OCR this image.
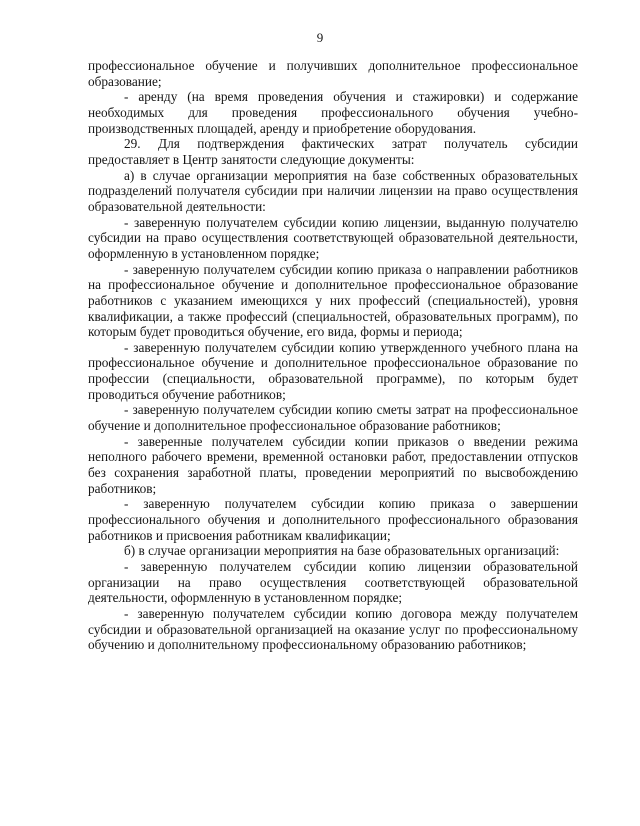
9

профессиональное обучение и получивших дополнительное профессиональное образование;

- аренду (на время проведения обучения и стажировки) и содержание необходимых для проведения профессионального обучения учебно-производственных площадей, аренду и приобретение оборудования.

29. Для подтверждения фактических затрат получатель субсидии предоставляет в Центр занятости следующие документы:

а) в случае организации мероприятия на базе собственных образовательных подразделений получателя субсидии при наличии лицензии на право осуществления образовательной деятельности:

- заверенную получателем субсидии копию лицензии, выданную получателю субсидии на право осуществления соответствующей образовательной деятельности, оформленную в установленном порядке;

- заверенную получателем субсидии копию приказа о направлении работников на профессиональное обучение и дополнительное профессиональное образование работников с указанием имеющихся у них профессий (специальностей), уровня квалификации, а также профессий (специальностей, образовательных программ), по которым будет проводиться обучение, его вида, формы и периода;

- заверенную получателем субсидии копию утвержденного учебного плана на профессиональное обучение и дополнительное профессиональное образование по профессии (специальности, образовательной программе), по которым будет проводиться обучение работников;

- заверенную получателем субсидии копию сметы затрат на профессиональное обучение и дополнительное профессиональное образование работников;

- заверенные получателем субсидии копии приказов о введении режима неполного рабочего времени, временной остановки работ, предоставлении отпусков без сохранения заработной платы, проведении мероприятий по высвобождению работников;

- заверенную получателем субсидии копию приказа о завершении профессионального обучения и дополнительного профессионального образования работников и присвоения работникам квалификации;

б) в случае организации мероприятия на базе образовательных организаций:

- заверенную получателем субсидии копию лицензии образовательной организации на право осуществления соответствующей образовательной деятельности, оформленную в установленном порядке;

- заверенную получателем субсидии копию договора между получателем субсидии и образовательной организацией на оказание услуг по профессиональному обучению и дополнительному профессиональному образованию работников;
